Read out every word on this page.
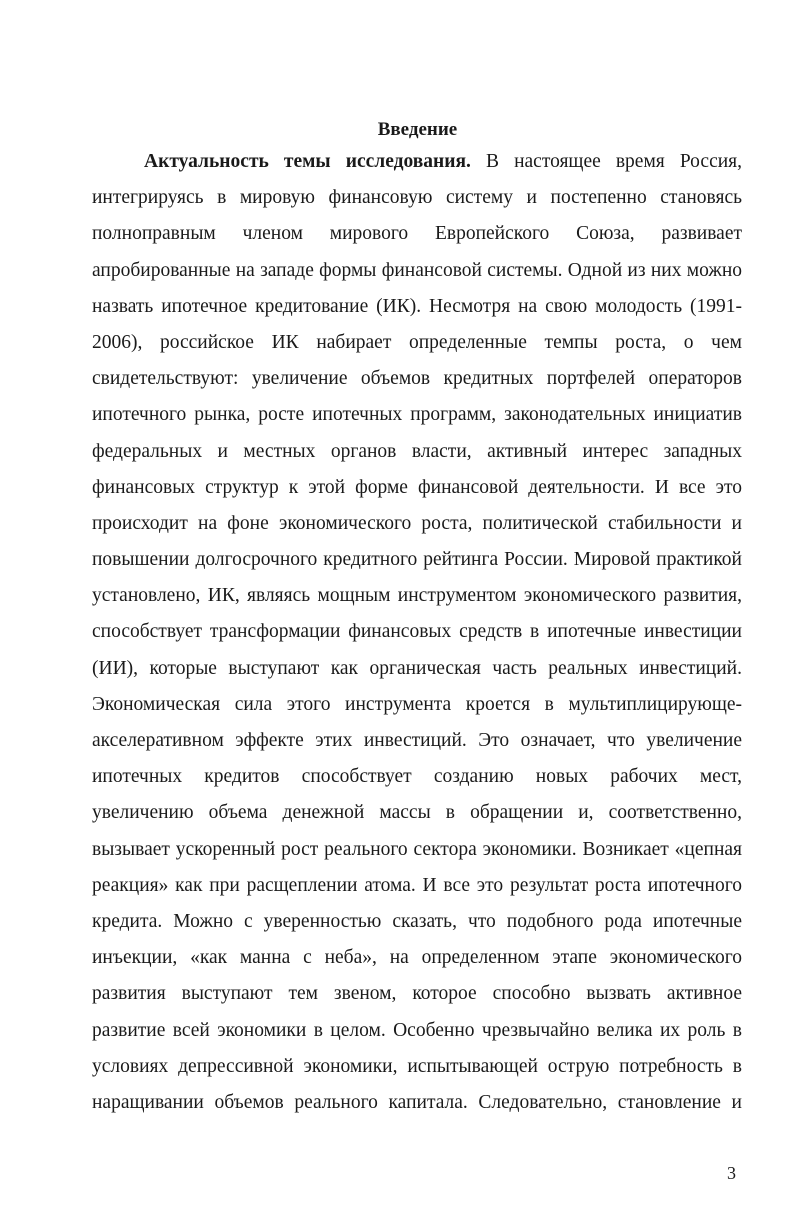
Введение
Актуальность темы исследования. В настоящее время Россия,
интегрируясь в мировую финансовую систему и постепенно становясь
полноправным членом мирового Европейского Союза, развивает
апробированные на западе формы финансовой системы. Одной из них можно
назвать ипотечное кредитование (ИК). Несмотря на свою молодость (1991-
2006), российское ИК набирает определенные темпы роста, о чем
свидетельствуют: увеличение объемов кредитных портфелей операторов
ипотечного рынка, росте ипотечных программ, законодательных инициатив
федеральных и местных органов власти, активный интерес западных
финансовых структур к этой форме финансовой деятельности. И все это
происходит на фоне экономического роста, политической стабильности и
повышении долгосрочного кредитного рейтинга России. Мировой практикой
установлено, ИК, являясь мощным инструментом экономического развития,
способствует трансформации финансовых средств в ипотечные инвестиции
(ИИ), которые выступают как органическая часть реальных инвестиций.
Экономическая сила этого инструмента кроется в мультиплицирующе-
акселеративном эффекте этих инвестиций. Это означает, что увеличение
ипотечных кредитов способствует созданию новых рабочих мест,
увеличению объема денежной массы в обращении и, соответственно,
вызывает ускоренный рост реального сектора экономики. Возникает «цепная
реакция» как при расщеплении атома. И все это результат роста ипотечного
кредита. Можно с уверенностью сказать, что подобного рода ипотечные
инъекции, «как манна с неба», на определенном этапе экономического
развития выступают тем звеном, которое способно вызвать активное
развитие всей экономики в целом. Особенно чрезвычайно велика их роль в
условиях депрессивной экономики, испытывающей острую потребность в
наращивании объемов реального капитала. Следовательно, становление и
3
